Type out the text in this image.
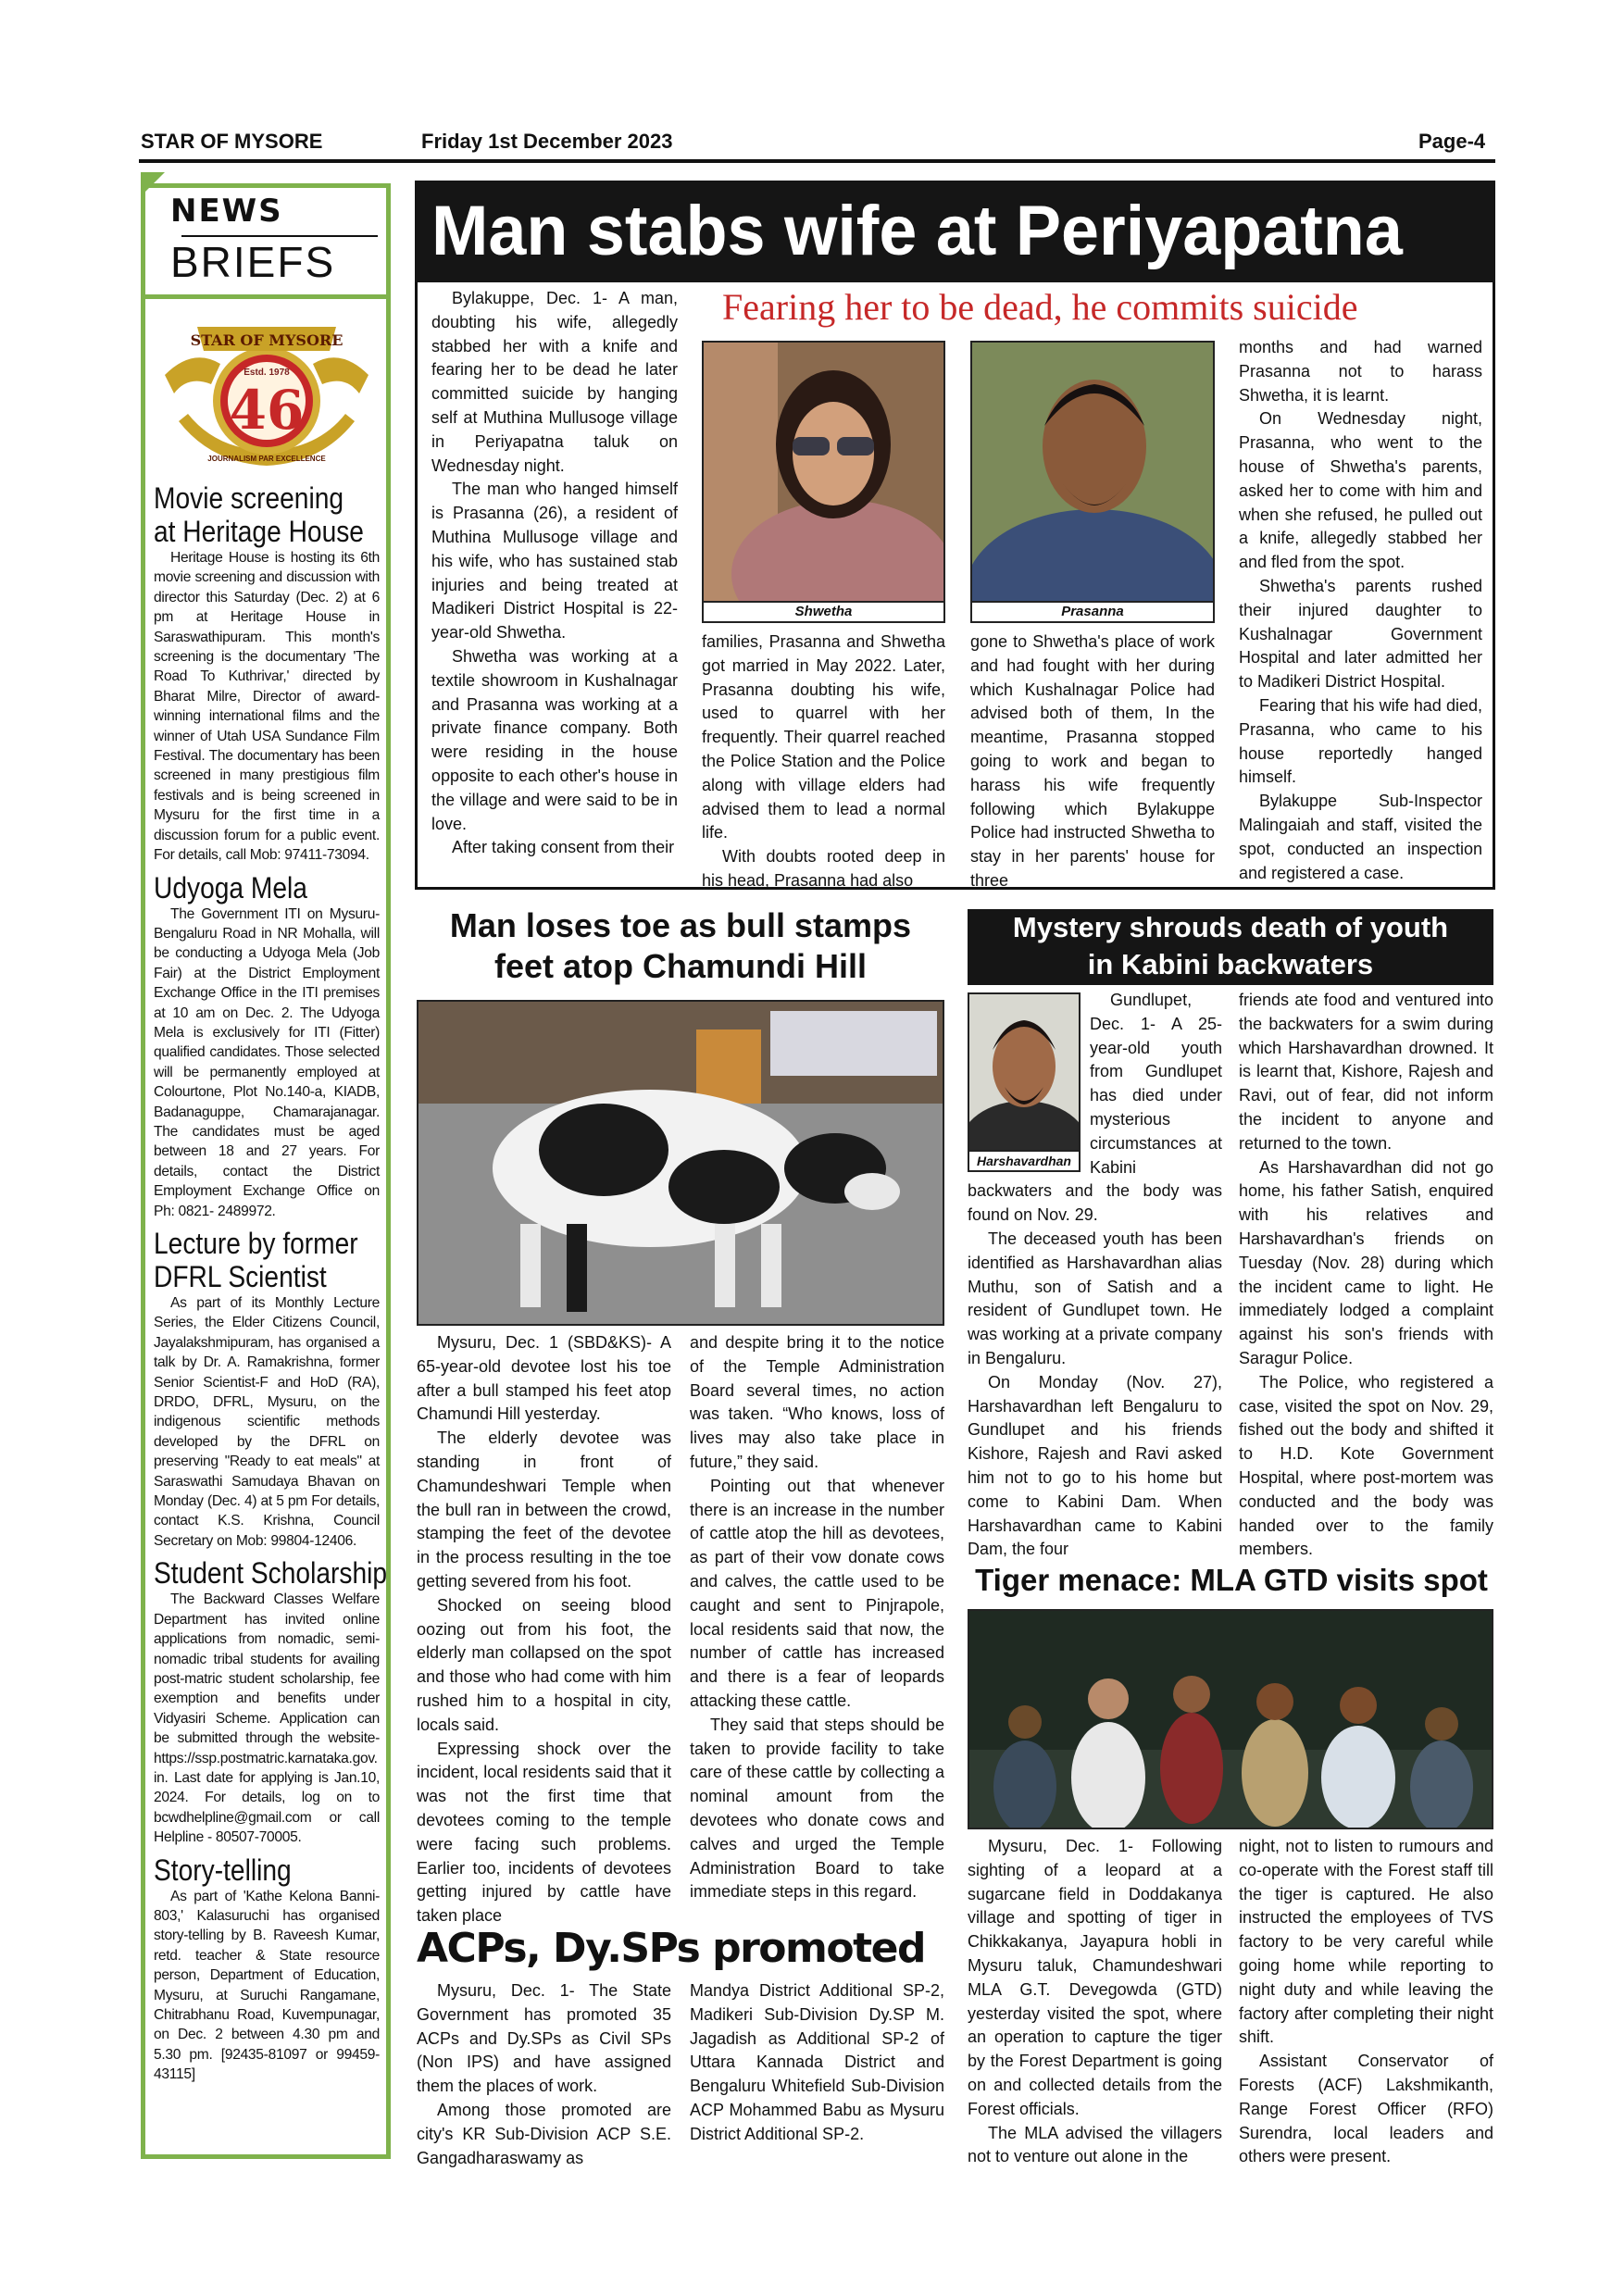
STAR OF MYSORE	Friday 1st December 2023	Page-4
NEWS
BRIEFS
STAR OF MYSORE
Estd. 1978
46
JOURNALISM PAR EXCELLENCE
Movie screening
at Heritage House

Heritage House is hosting its 6th movie screening and discussion with director this Saturday (Dec. 2) at 6 pm at Heritage House in Saraswathipuram. This month's screening is the documentary 'The Road To Kuthrivar,' directed by Bharat Milre, Director of award-winning international films and the winner of Utah USA Sundance Film Festival. The documentary has been screened in many prestigious film festivals and is being screened in Mysuru for the first time in a discussion forum for a public event. For details, call Mob: 97411-73094.

Udyoga Mela

The Government ITI on Mysuru-Bengaluru Road in NR Mohalla, will be conducting a Udyoga Mela (Job Fair) at the District Employment Exchange Office in the ITI premises at 10 am on Dec. 2. The Udyoga Mela is exclusively for ITI (Fitter) qualified candidates. Those selected will be permanently employed at Colourtone, Plot No.140-a, KIADB, Badanaguppe, Chamarajanagar. The candidates must be aged between 18 and 27 years. For details, contact the District Employment Exchange Office on Ph: 0821- 2489972.

Lecture by former
DFRL Scientist

As part of its Monthly Lecture Series, the Elder Citizens Council, Jayalakshmipuram, has organised a talk by Dr. A. Ramakrishna, former Senior Scientist-F and HoD (RA), DRDO, DFRL, Mysuru, on the indigenous scientific methods developed by the DFRL on preserving "Ready to eat meals" at Saraswathi Samudaya Bhavan on Monday (Dec. 4) at 5 pm For details, contact K.S. Krishna, Council Secretary on Mob: 99804-12406.

Student Scholarship

The Backward Classes Welfare Department has invited online applications from nomadic, semi-nomadic tribal students for availing post-matric student scholarship, fee exemption and benefits under Vidyasiri Scheme. Application can be submitted through the website-https://ssp.postmatric.karnataka.gov.in. Last date for applying is Jan.10, 2024. For details, log on to bcwdhelpline@gmail.com or call Helpline - 80507-70005.

Story-telling

As part of 'Kathe Kelona Banni-803,' Kalasuruchi has organised story-telling by B. Raveesh Kumar, retd. teacher & State resource person, Department of Education, Mysuru, at Suruchi Rangamane, Chitrabhanu Road, Kuvempunagar, on Dec. 2 between 4.30 pm and 5.30 pm. [92435-81097 or 99459-43115]

Man stabs wife at Periyapatna
Fearing her to be dead, he commits suicide

Bylakuppe, Dec. 1- A man, doubting his wife, allegedly stabbed her with a knife and fearing her to be dead he later committed suicide by hanging self at Muthina Mullusoge village in Periyapatna taluk on Wednesday night.

The man who hanged himself is Prasanna (26), a resident of Muthina Mullusoge village and his wife, who has sustained stab injuries and being treated at Madikeri District Hospital is 22-year-old Shwetha.

Shwetha was working at a textile showroom in Kushalnagar and Prasanna was working at a private finance company. Both were residing in the house opposite to each other's house in the village and were said to be in love.

After taking consent from their

Shwetha	Prasanna

families, Prasanna and Shwetha got married in May 2022. Later, Prasanna doubting his wife, used to quarrel with her frequently. Their quarrel reached the Police Station and the Police along with village elders had advised them to lead a normal life.

With doubts rooted deep in his head, Prasanna had also

gone to Shwetha's place of work and had fought with her during which Kushalnagar Police had advised both of them, In the meantime, Prasanna stopped going to work and began to harass his wife frequently following which Bylakuppe Police had instructed Shwetha to stay in her parents' house for three

months and had warned Prasanna not to harass Shwetha, it is learnt.

On Wednesday night, Prasanna, who went to the house of Shwetha's parents, asked her to come with him and when she refused, he pulled out a knife, allegedly stabbed her and fled from the spot.

Shwetha's parents rushed their injured daughter to Kushalnagar Government Hospital and later admitted her to Madikeri District Hospital.

Fearing that his wife had died, Prasanna, who came to his house reportedly hanged himself.

Bylakuppe Sub-Inspector Malingaiah and staff, visited the spot, conducted an inspection and registered a case.

Man loses toe as bull stamps
feet atop Chamundi Hill

Mysuru, Dec. 1 (SBD&KS)- A 65-year-old devotee lost his toe after a bull stamped his feet atop Chamundi Hill yesterday.

The elderly devotee was standing in front of Chamundeshwari Temple when the bull ran in between the crowd, stamping the feet of the devotee in the process resulting in the toe getting severed from his foot.

Shocked on seeing blood oozing out from his foot, the elderly man collapsed on the spot and those who had come with him rushed him to a hospital in city, locals said.

Expressing shock over the incident, local residents said that it was not the first time that devotees coming to the temple were facing such problems. Earlier too, incidents of devotees getting injured by cattle have taken place

and despite bring it to the notice of the Temple Administration Board several times, no action was taken. “Who knows, loss of lives may also take place in future,” they said.

Pointing out that whenever there is an increase in the number of cattle atop the hill as devotees, as part of their vow donate cows and calves, the cattle used to be caught and sent to Pinjrapole, local residents said that now, the number of cattle has increased and there is a fear of leopards attacking these cattle.

They said that steps should be taken to provide facility to take care of these cattle by collecting a nominal amount from the devotees who donate cows and calves and urged the Temple Administration Board to take immediate steps in this regard.

ACPs, Dy.SPs promoted

Mysuru, Dec. 1- The State Government has promoted 35 ACPs and Dy.SPs as Civil SPs (Non IPS) and have assigned them the places of work.

Among those promoted are city's KR Sub-Division ACP S.E. Gangadharaswamy as

Mandya District Additional SP-2, Madikeri Sub-Division Dy.SP M. Jagadish as Additional SP-2 of Uttara Kannada District and Bengaluru Whitefield Sub-Division ACP Mohammed Babu as Mysuru District Additional SP-2.

Mystery shrouds death of youth
in Kabini backwaters
Harshavardhan

Gundlupet, Dec. 1- A 25-year-old youth from Gundlupet has died under mysterious circumstances at Kabini backwaters and the body was found on Nov. 29.

The deceased youth has been identified as Harshavardhan alias Muthu, son of Satish and a resident of Gundlupet town. He was working at a private company in Bengaluru.

On Monday (Nov. 27), Harshavardhan left Bengaluru to Gundlupet and his friends Kishore, Rajesh and Ravi asked him not to go to his home but come to Kabini Dam. When Harshavardhan came to Kabini Dam, the four

friends ate food and ventured into the backwaters for a swim during which Harshavardhan drowned. It is learnt that, Kishore, Rajesh and Ravi, out of fear, did not inform the incident to anyone and returned to the town.

As Harshavardhan did not go home, his father Satish, enquired with his relatives and Harshavardhan's friends on Tuesday (Nov. 28) during which the incident came to light. He immediately lodged a complaint against his son's friends with Saragur Police.

The Police, who registered a case, visited the spot on Nov. 29, fished out the body and shifted it to H.D. Kote Government Hospital, where post-mortem was conducted and the body was handed over to the family members.

Tiger menace: MLA GTD visits spot

Mysuru, Dec. 1- Following sighting of a leopard at a sugarcane field in Doddakanya village and spotting of tiger in Chikkakanya, Jayapura hobli in Mysuru taluk, Chamundeshwari MLA G.T. Devegowda (GTD) yesterday visited the spot, where an operation to capture the tiger by the Forest Department is going on and collected details from the Forest officials.

The MLA advised the villagers not to venture out alone in the

night, not to listen to rumours and co-operate with the Forest staff till the tiger is captured. He also instructed the employees of TVS factory to be very careful while going home while reporting to night duty and while leaving the factory after completing their night shift.

Assistant Conservator of Forests (ACF) Lakshmikanth, Range Forest Officer (RFO) Surendra, local leaders and others were present.
